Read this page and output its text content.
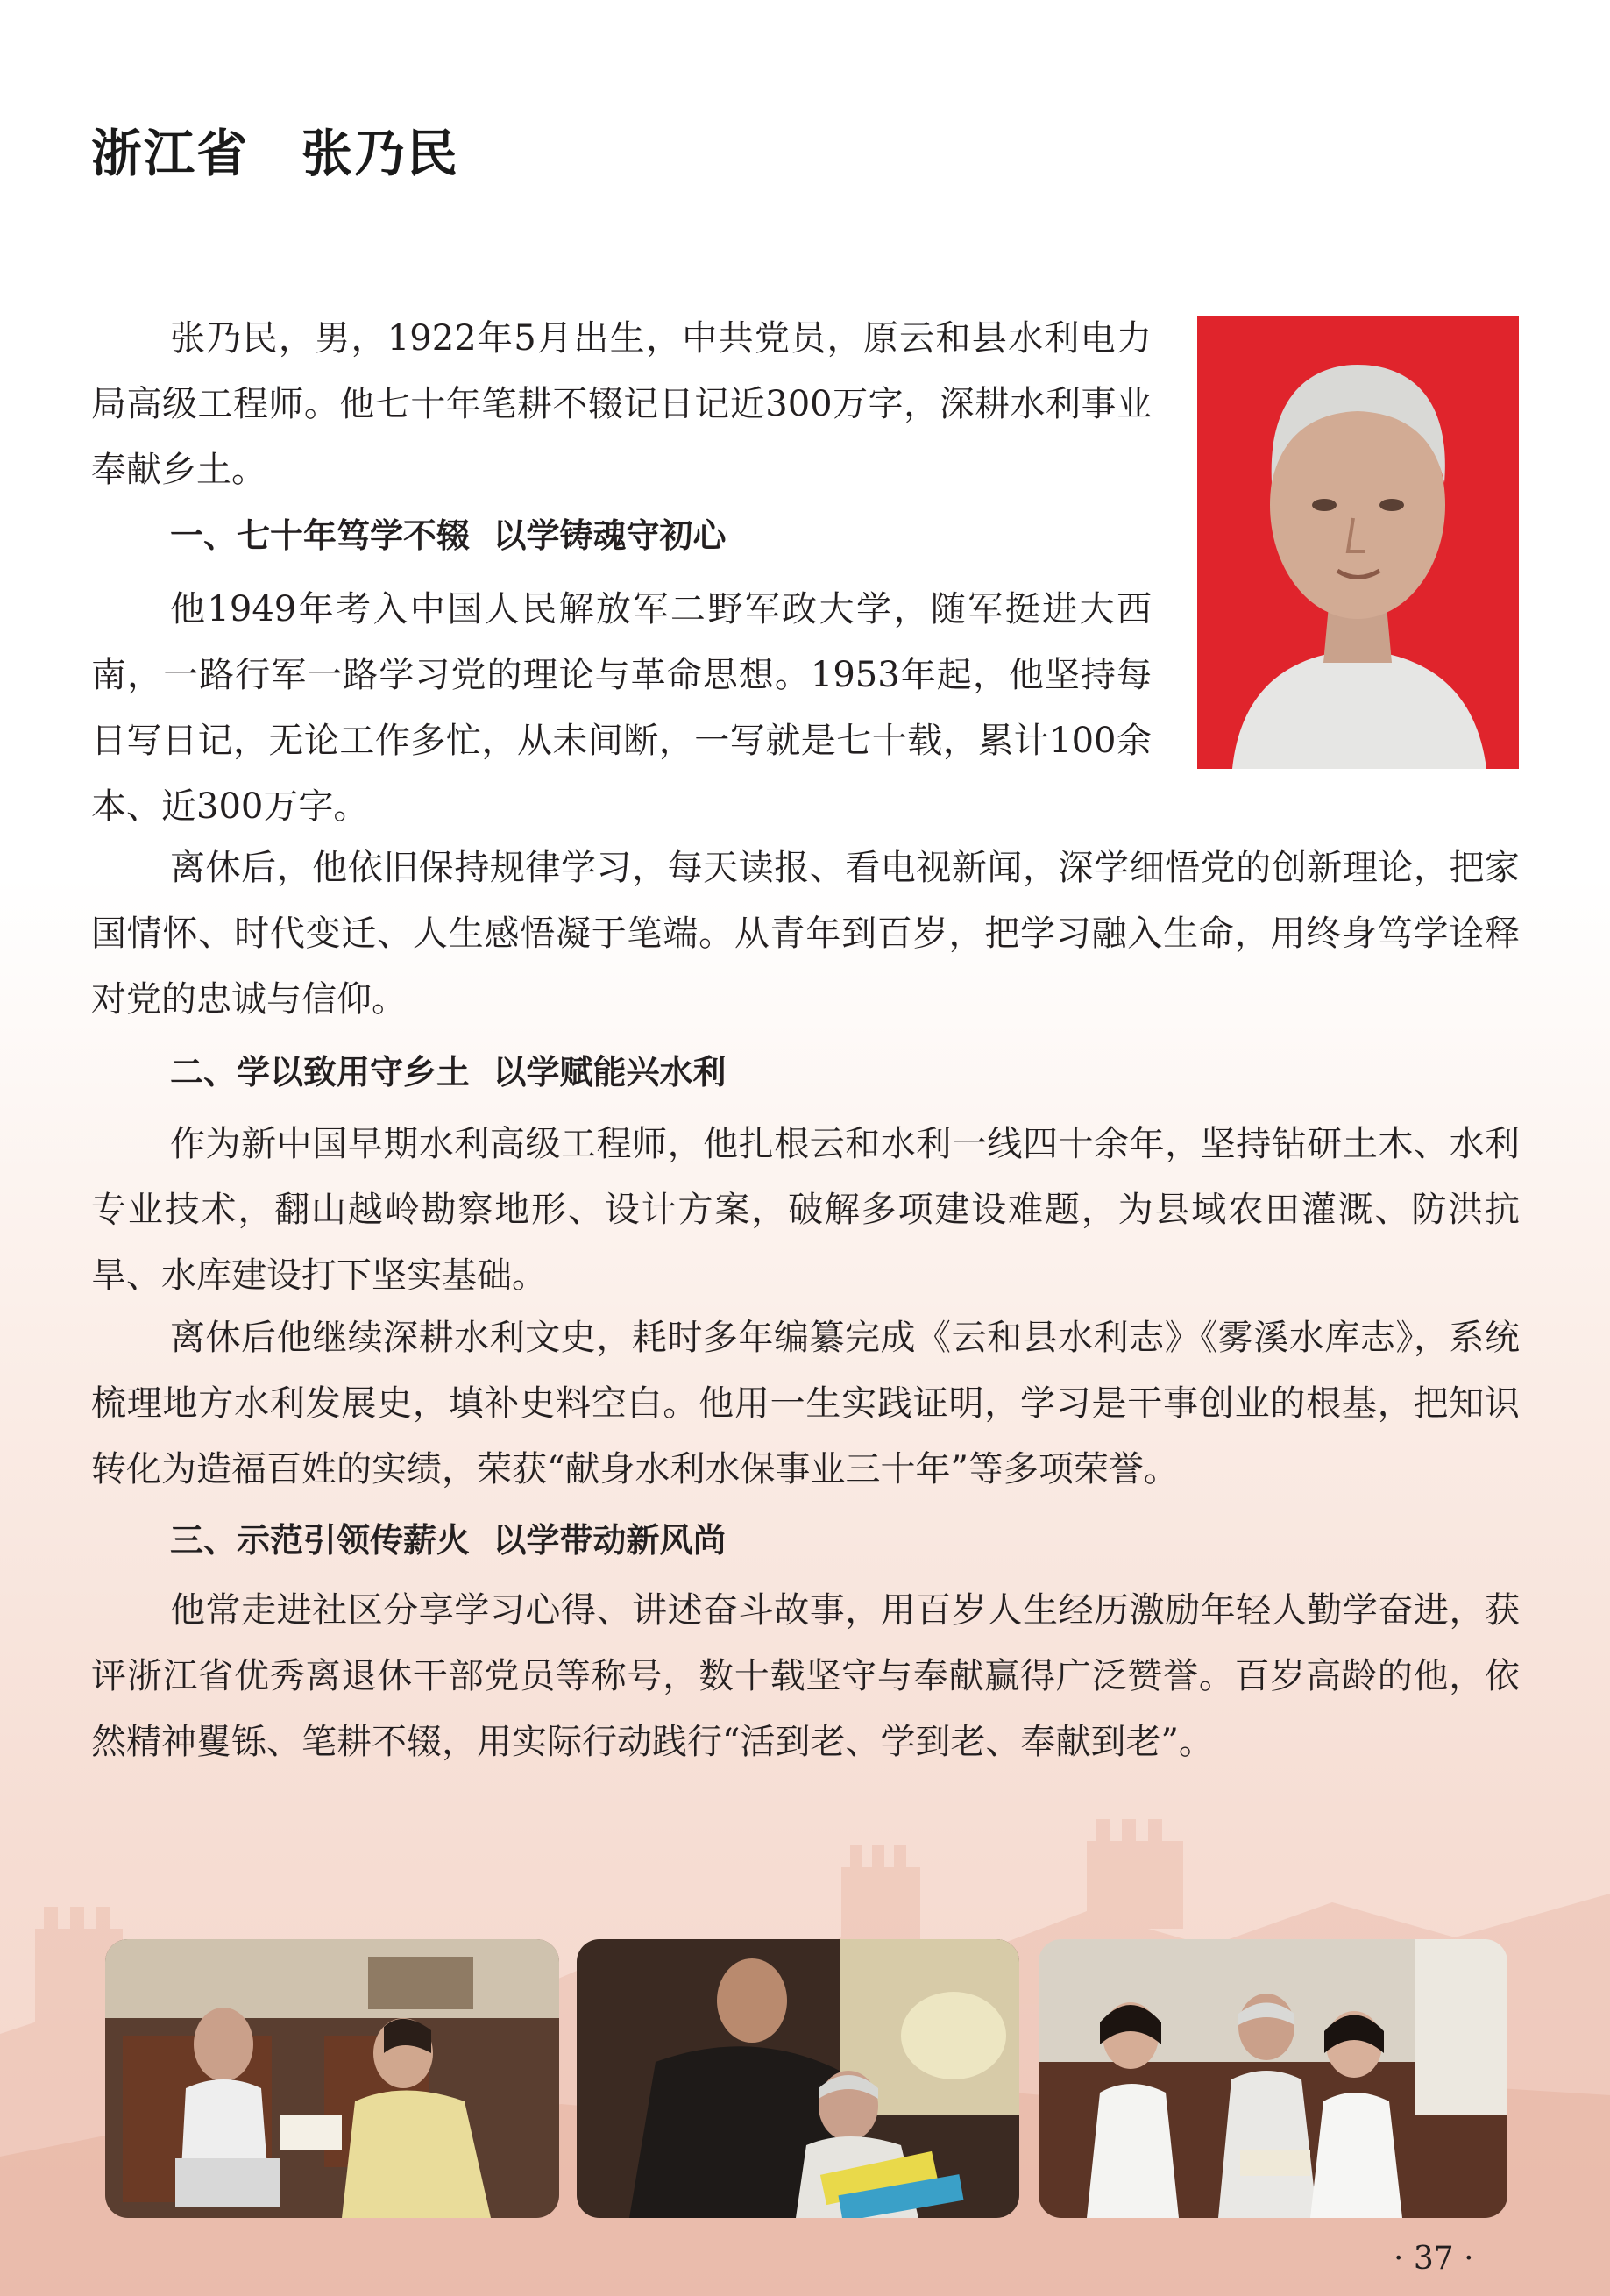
浙江省　张乃民

张乃民，男，1922年5月出生，中共党员，原云和县水利电力局高级工程师。他七十年笔耕不辍记日记近300万字，深耕水利事业奉献乡土。

一、七十年笃学不辍  以学铸魂守初心

他1949年考入中国人民解放军二野军政大学，随军挺进大西南，一路行军一路学习党的理论与革命思想。1953年起，他坚持每日写日记，无论工作多忙，从未间断，一写就是七十载，累计100余本、近300万字。

离休后，他依旧保持规律学习，每天读报、看电视新闻，深学细悟党的创新理论，把家国情怀、时代变迁、人生感悟凝于笔端。从青年到百岁，把学习融入生命，用终身笃学诠释对党的忠诚与信仰。

二、学以致用守乡土  以学赋能兴水利

作为新中国早期水利高级工程师，他扎根云和水利一线四十余年，坚持钻研土木、水利专业技术，翻山越岭勘察地形、设计方案，破解多项建设难题，为县域农田灌溉、防洪抗旱、水库建设打下坚实基础。

离休后他继续深耕水利文史，耗时多年编纂完成《云和县水利志》《雾溪水库志》，系统梳理地方水利发展史，填补史料空白。他用一生实践证明，学习是干事创业的根基，把知识转化为造福百姓的实绩，荣获“献身水利水保事业三十年”等多项荣誉。

三、示范引领传薪火  以学带动新风尚

他常走进社区分享学习心得、讲述奋斗故事，用百岁人生经历激励年轻人勤学奋进，获评浙江省优秀离退休干部党员等称号，数十载坚守与奉献赢得广泛赞誉。百岁高龄的他，依然精神矍铄、笔耕不辍，用实际行动践行“活到老、学到老、奉献到老”。

· 37 ·
